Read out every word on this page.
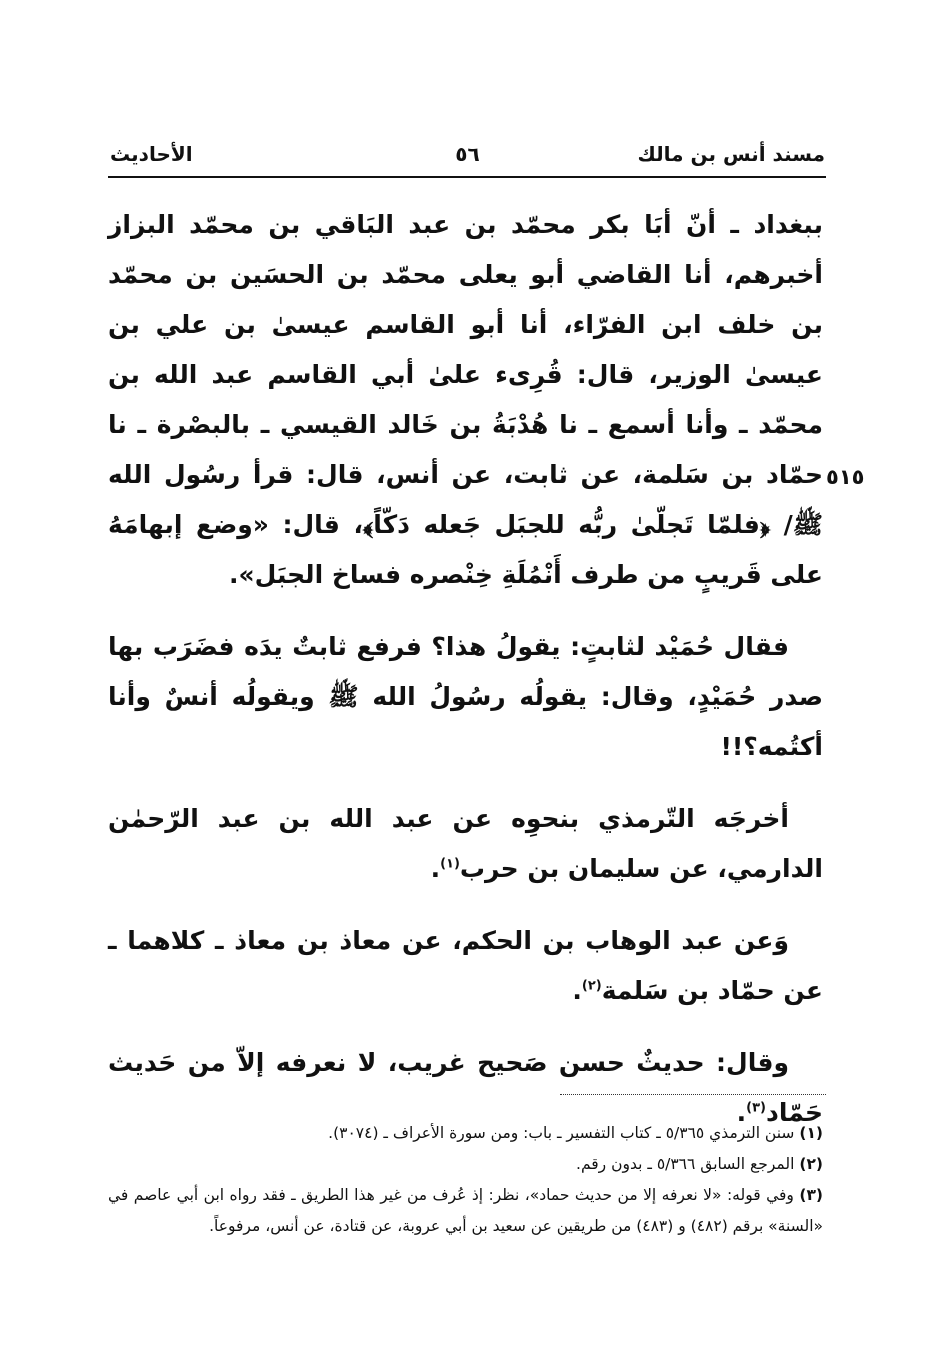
مسند أنس بن مالك
٥٦
الأحاديث
٥١٥

ببغداد ـ أنّ أبَا بكر محمّد بن عبد البَاقي بن محمّد البزاز أخبرهم، أنا القاضي أبو يعلى محمّد بن الحسَين بن محمّد بن خلف ابن الفرّاء، أنا أبو القاسم عيسىٰ بن علي بن عيسىٰ الوزير، قال: قُرِىء علىٰ أبي القاسم عبد الله بن محمّد ـ وأنا أسمع ـ نا هُدْبَةُ بن خَالد القيسي ـ بالبصْرة ـ نا حمّاد بن سَلمة، عن ثابت، عن أنس، قال: قرأ رسُول الله ﷺ/ ﴿فلمّا تَجلّىٰ ربُّه للجبَل جَعله دَكّاً﴾، قال: «وضع إبهامَهُ على قَريبٍ من طرف أَنْمُلَةِ خِنْصره فساخ الجبَل».

فقال حُمَيْد لثابتٍ: يقولُ هذا؟ فرفع ثابتٌ يدَه فضَرَب بها صدر حُمَيْدٍ، وقال: يقولُه رسُولُ الله ﷺ ويقولُه أنسٌ وأنا أكتُمه؟!!

أخرجَه التّرمذي بنحوِه عن عبد الله بن عبد الرّحمٰن الدارمي، عن سليمان بن حرب$^{(١)}$.

وَعن عبد الوهاب بن الحكم، عن معاذ بن معاذ ـ كلاهما ـ عن حمّاد بن سَلمة$^{(٢)}$.

وقال: حديثٌ حسن صَحيح غريب، لا نعرفه إلاّ من حَديث حَمّاد$^{(٣)}$.

(١) سنن الترمذي ٥/٣٦٥ ـ كتاب التفسير ـ باب: ومن سورة الأعراف ـ (٣٠٧٤).

(٢) المرجع السابق ٥/٣٦٦ ـ بدون رقم.

(٣) وفي قوله: «لا نعرفه إلا من حديث حماد»، نظر: إذ عُرف من غير هذا الطريق ـ فقد رواه ابن أبي عاصم في «السنة» برقم (٤٨٢) و (٤٨٣) من طريقين عن سعيد بن أبي عروبة، عن قتادة، عن أنس، مرفوعاً.
